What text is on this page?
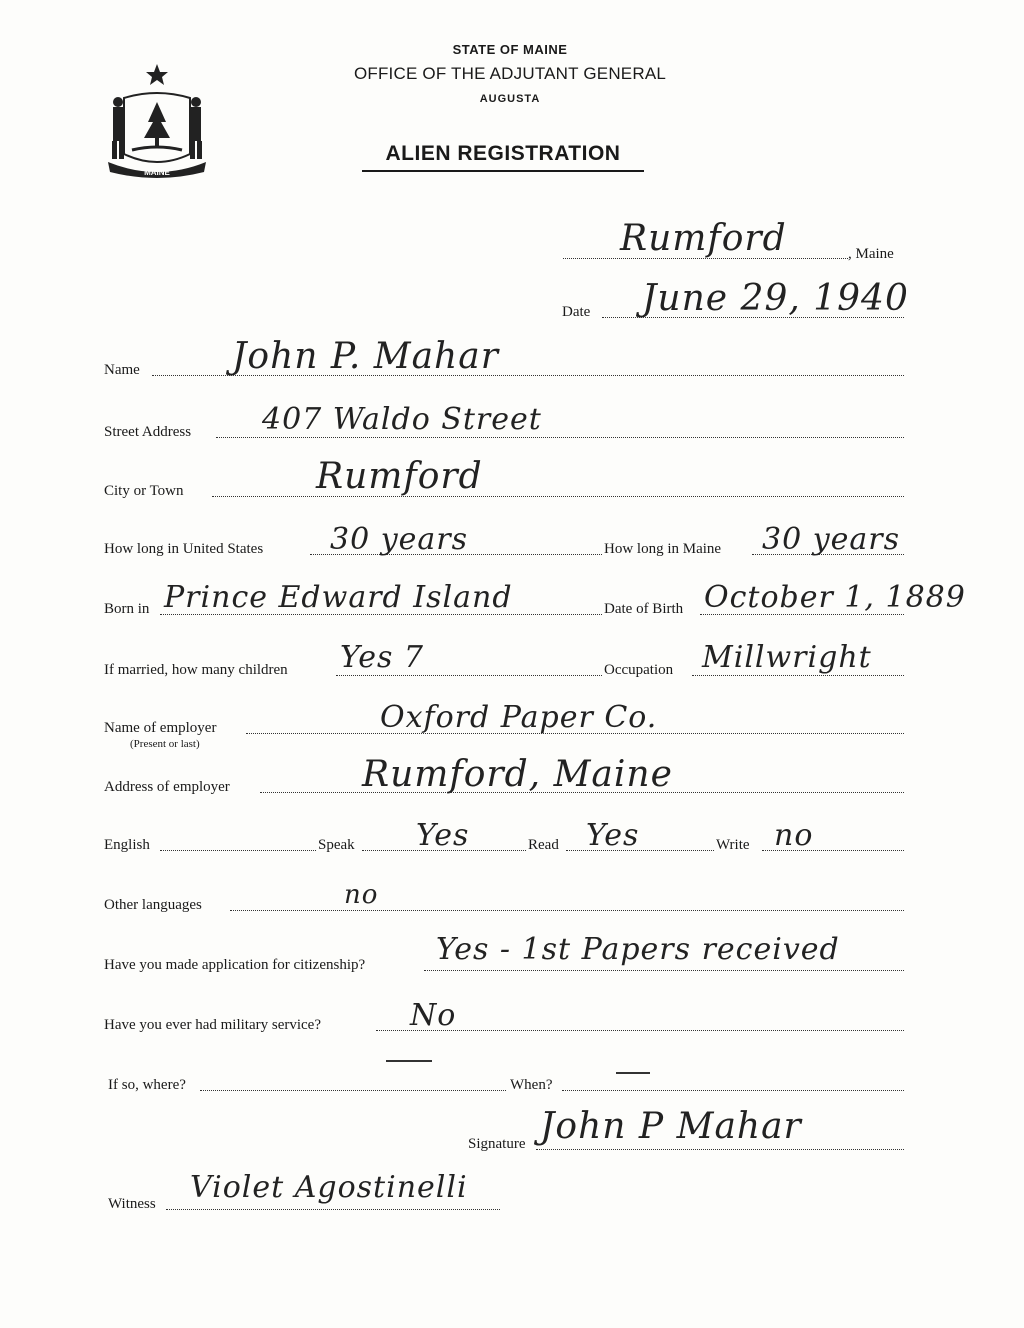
MAINE
STATE OF MAINE
OFFICE OF THE ADJUTANT GENERAL
AUGUSTA
ALIEN REGISTRATION
, Maine
Rumford
Date June 29, 1940
Name	John P. Mahar
Street Address 407 Waldo Street
City or Town	Rumford
How long in United States 30 years	How long in Maine 30 years
Born in Prince Edward Island	Date of Birth October 1, 1889
If married, how many children Yes 7	Occupation Millwright
Name of employer
(Present or last)
Oxford Paper Co.
Address of employer	Rumford, Maine
English	Speak Yes	Read Yes	Write no
Other languages	no
Have you made application for citizenship? Yes - 1st Papers received
Have you ever had military service?	No
If so, where?	When?
Signature John P Mahar
Witness Violet Agostinelli
